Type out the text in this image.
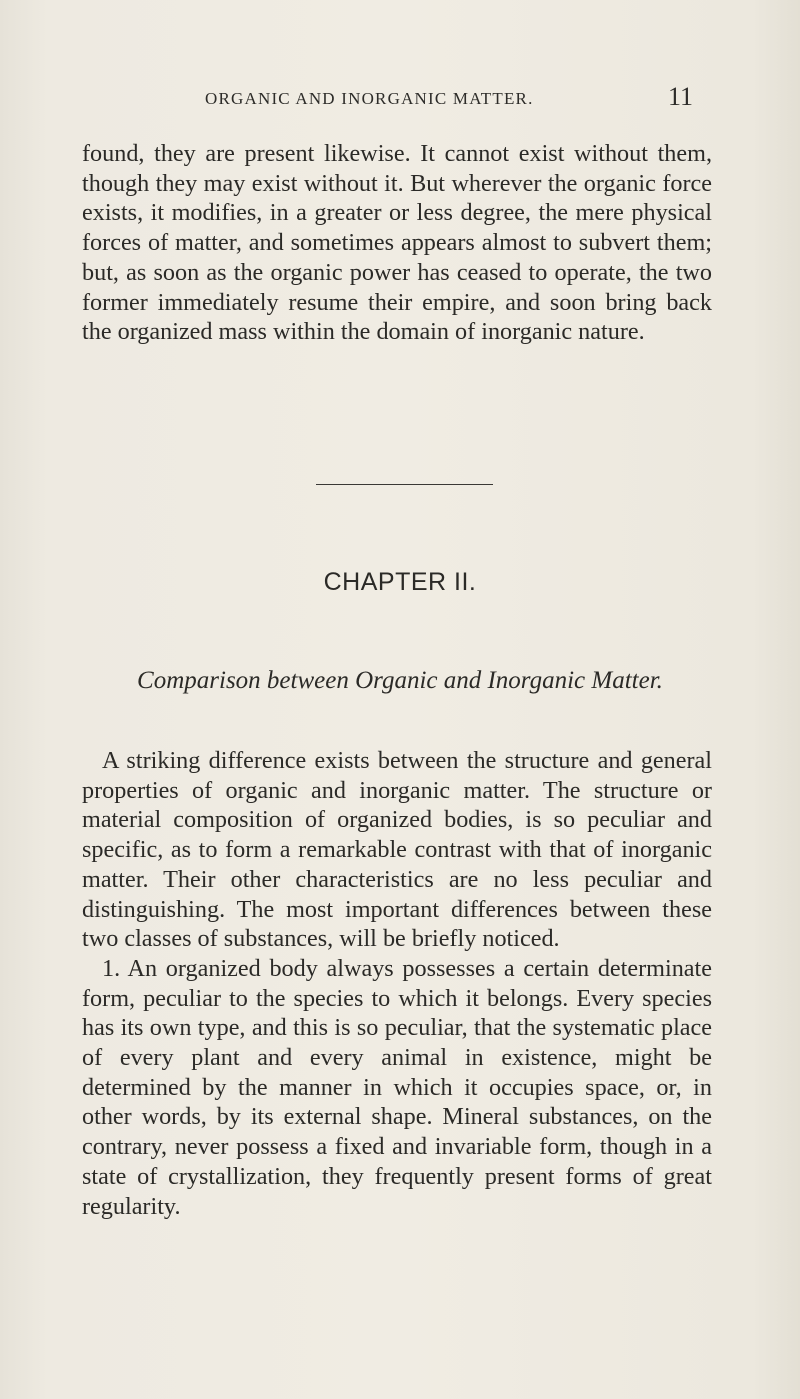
ORGANIC AND INORGANIC MATTER.	11

found, they are present likewise. It cannot exist without them, though they may exist without it. But wherever the organic force exists, it modifies, in a greater or less degree, the mere physical forces of matter, and sometimes appears almost to subvert them; but, as soon as the organic power has ceased to operate, the two former immediately resume their empire, and soon bring back the organized mass within the domain of inorganic nature.

CHAPTER II.
Comparison between Organic and Inorganic Matter.

A striking difference exists between the structure and general properties of organic and inorganic matter. The structure or material composition of organized bodies, is so peculiar and specific, as to form a remarkable contrast with that of inorganic matter. Their other characteristics are no less peculiar and distinguishing. The most important differences between these two classes of substances, will be briefly noticed.

1. An organized body always possesses a certain determinate form, peculiar to the species to which it belongs. Every species has its own type, and this is so peculiar, that the systematic place of every plant and every animal in existence, might be determined by the manner in which it occupies space, or, in other words, by its external shape. Mineral substances, on the contrary, never possess a fixed and invariable form, though in a state of crystallization, they frequently present forms of great regularity.
